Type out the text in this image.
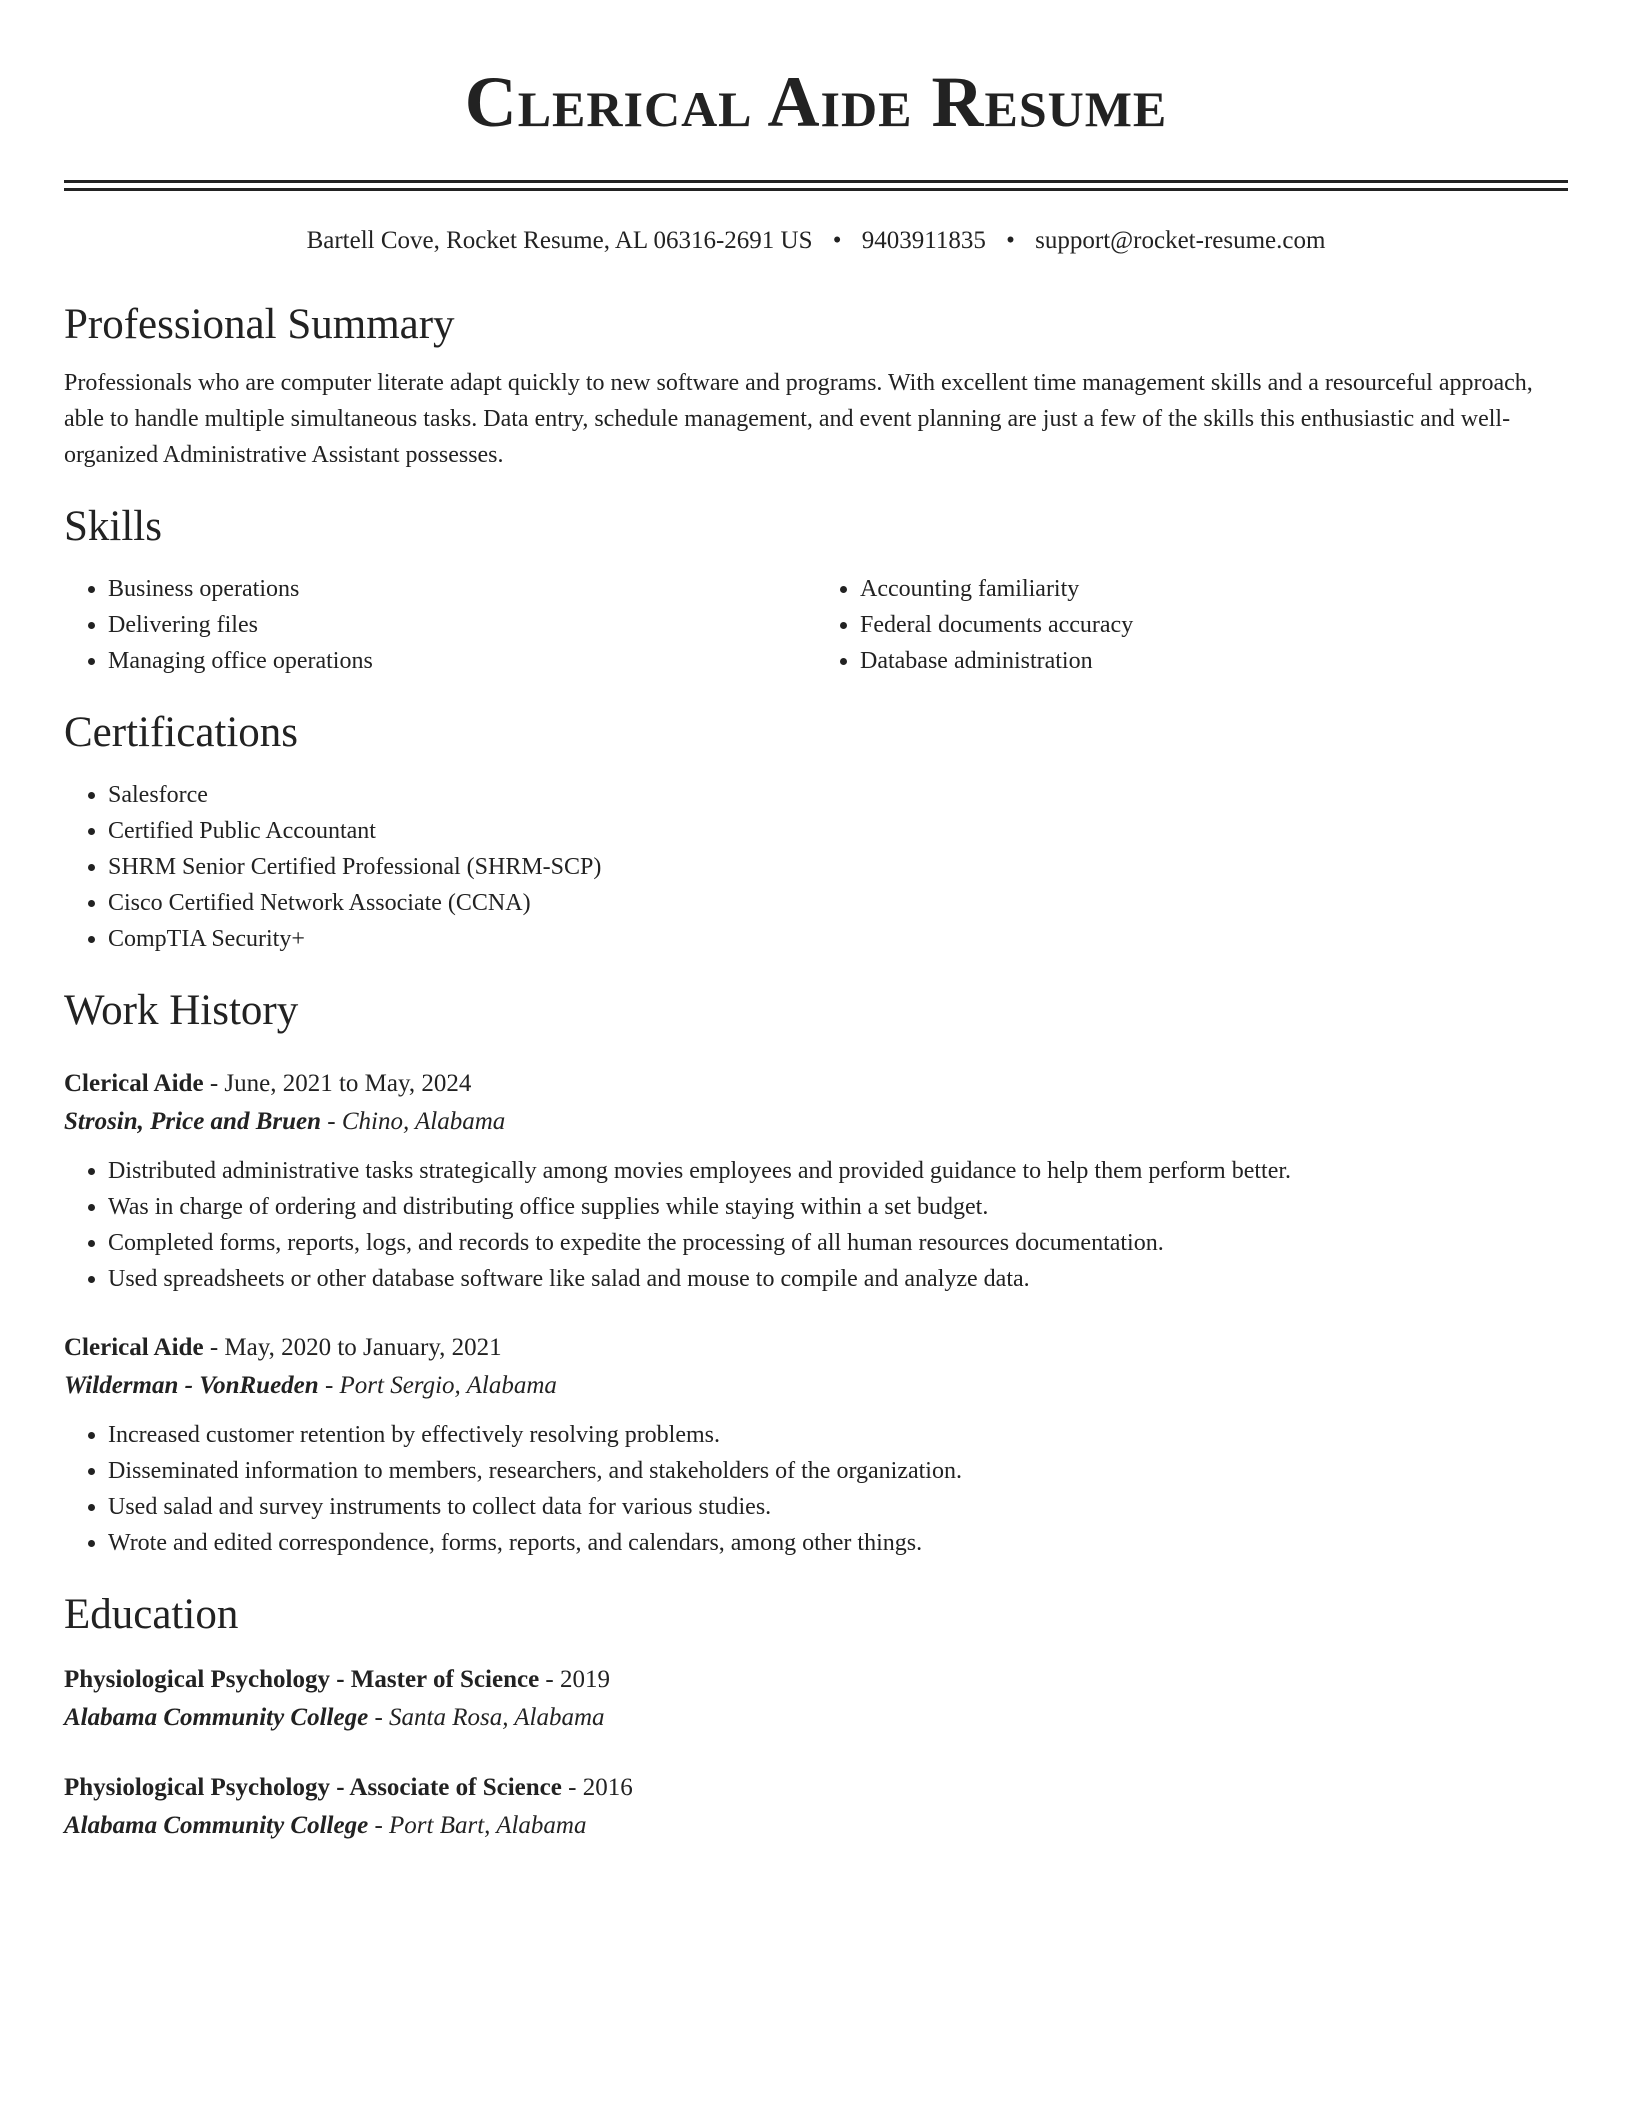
Clerical Aide Resume
Bartell Cove, Rocket Resume, AL 06316-2691 US • 9403911835 • support@rocket-resume.com
Professional Summary

Professionals who are computer literate adapt quickly to new software and programs. With excellent time management skills and a resourceful approach, able to handle multiple simultaneous tasks. Data entry, schedule management, and event planning are just a few of the skills this enthusiastic and well-organized Administrative Assistant possesses.

Skills
• Business operations
• Delivering files
• Managing office operations
• Accounting familiarity
• Federal documents accuracy
• Database administration
Certifications
• Salesforce
• Certified Public Accountant
• SHRM Senior Certified Professional (SHRM-SCP)
• Cisco Certified Network Associate (CCNA)
• CompTIA Security+
Work History
Clerical Aide - June, 2021 to May, 2024
Strosin, Price and Bruen - Chino, Alabama
• Distributed administrative tasks strategically among movies employees and provided guidance to help them perform better.
• Was in charge of ordering and distributing office supplies while staying within a set budget.
• Completed forms, reports, logs, and records to expedite the processing of all human resources documentation.
• Used spreadsheets or other database software like salad and mouse to compile and analyze data.
Clerical Aide - May, 2020 to January, 2021
Wilderman - VonRueden - Port Sergio, Alabama
• Increased customer retention by effectively resolving problems.
• Disseminated information to members, researchers, and stakeholders of the organization.
• Used salad and survey instruments to collect data for various studies.
• Wrote and edited correspondence, forms, reports, and calendars, among other things.
Education
Physiological Psychology - Master of Science - 2019
Alabama Community College - Santa Rosa, Alabama
Physiological Psychology - Associate of Science - 2016
Alabama Community College - Port Bart, Alabama
